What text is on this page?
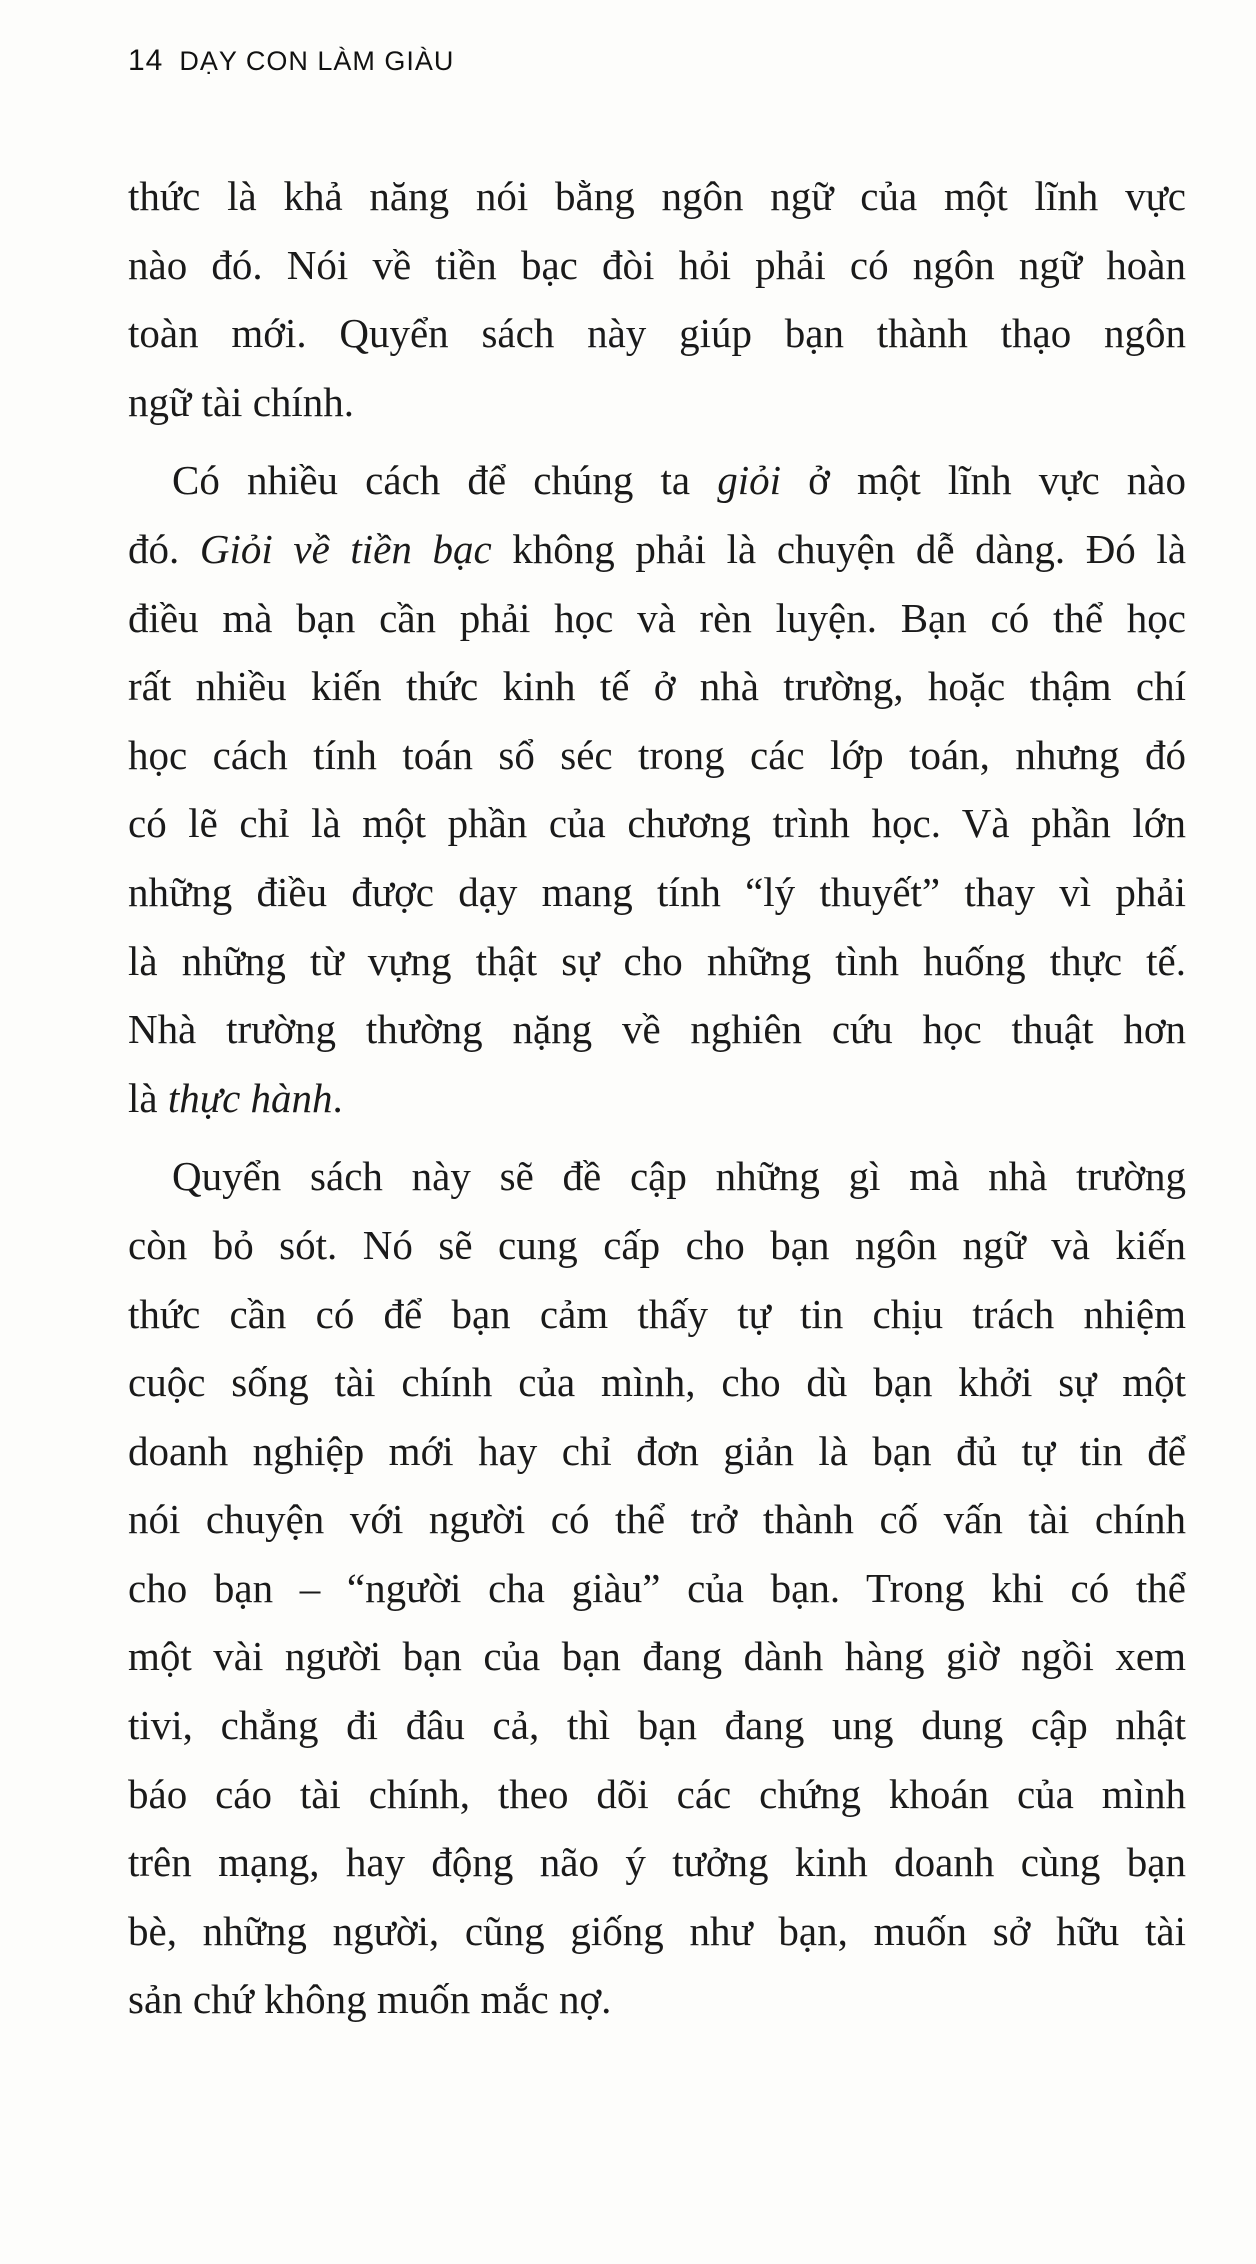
14 DẠY CON LÀM GIÀU
thức là khả năng nói bằng ngôn ngữ của một lĩnh vực
nào đó. Nói về tiền bạc đòi hỏi phải có ngôn ngữ hoàn
toàn mới. Quyển sách này giúp bạn thành thạo ngôn
ngữ tài chính.
Có nhiều cách để chúng ta giỏi ở một lĩnh vực nào
đó. Giỏi về tiền bạc không phải là chuyện dễ dàng. Đó là
điều mà bạn cần phải học và rèn luyện. Bạn có thể học
rất nhiều kiến thức kinh tế ở nhà trường, hoặc thậm chí
học cách tính toán sổ séc trong các lớp toán, nhưng đó
có lẽ chỉ là một phần của chương trình học. Và phần lớn
những điều được dạy mang tính “lý thuyết” thay vì phải
là những từ vựng thật sự cho những tình huống thực tế.
Nhà trường thường nặng về nghiên cứu học thuật hơn
là thực hành.
Quyển sách này sẽ đề cập những gì mà nhà trường
còn bỏ sót. Nó sẽ cung cấp cho bạn ngôn ngữ và kiến
thức cần có để bạn cảm thấy tự tin chịu trách nhiệm
cuộc sống tài chính của mình, cho dù bạn khởi sự một
doanh nghiệp mới hay chỉ đơn giản là bạn đủ tự tin để
nói chuyện với người có thể trở thành cố vấn tài chính
cho bạn – “người cha giàu” của bạn. Trong khi có thể
một vài người bạn của bạn đang dành hàng giờ ngồi xem
tivi, chẳng đi đâu cả, thì bạn đang ung dung cập nhật
báo cáo tài chính, theo dõi các chứng khoán của mình
trên mạng, hay động não ý tưởng kinh doanh cùng bạn
bè, những người, cũng giống như bạn, muốn sở hữu tài
sản chứ không muốn mắc nợ.
